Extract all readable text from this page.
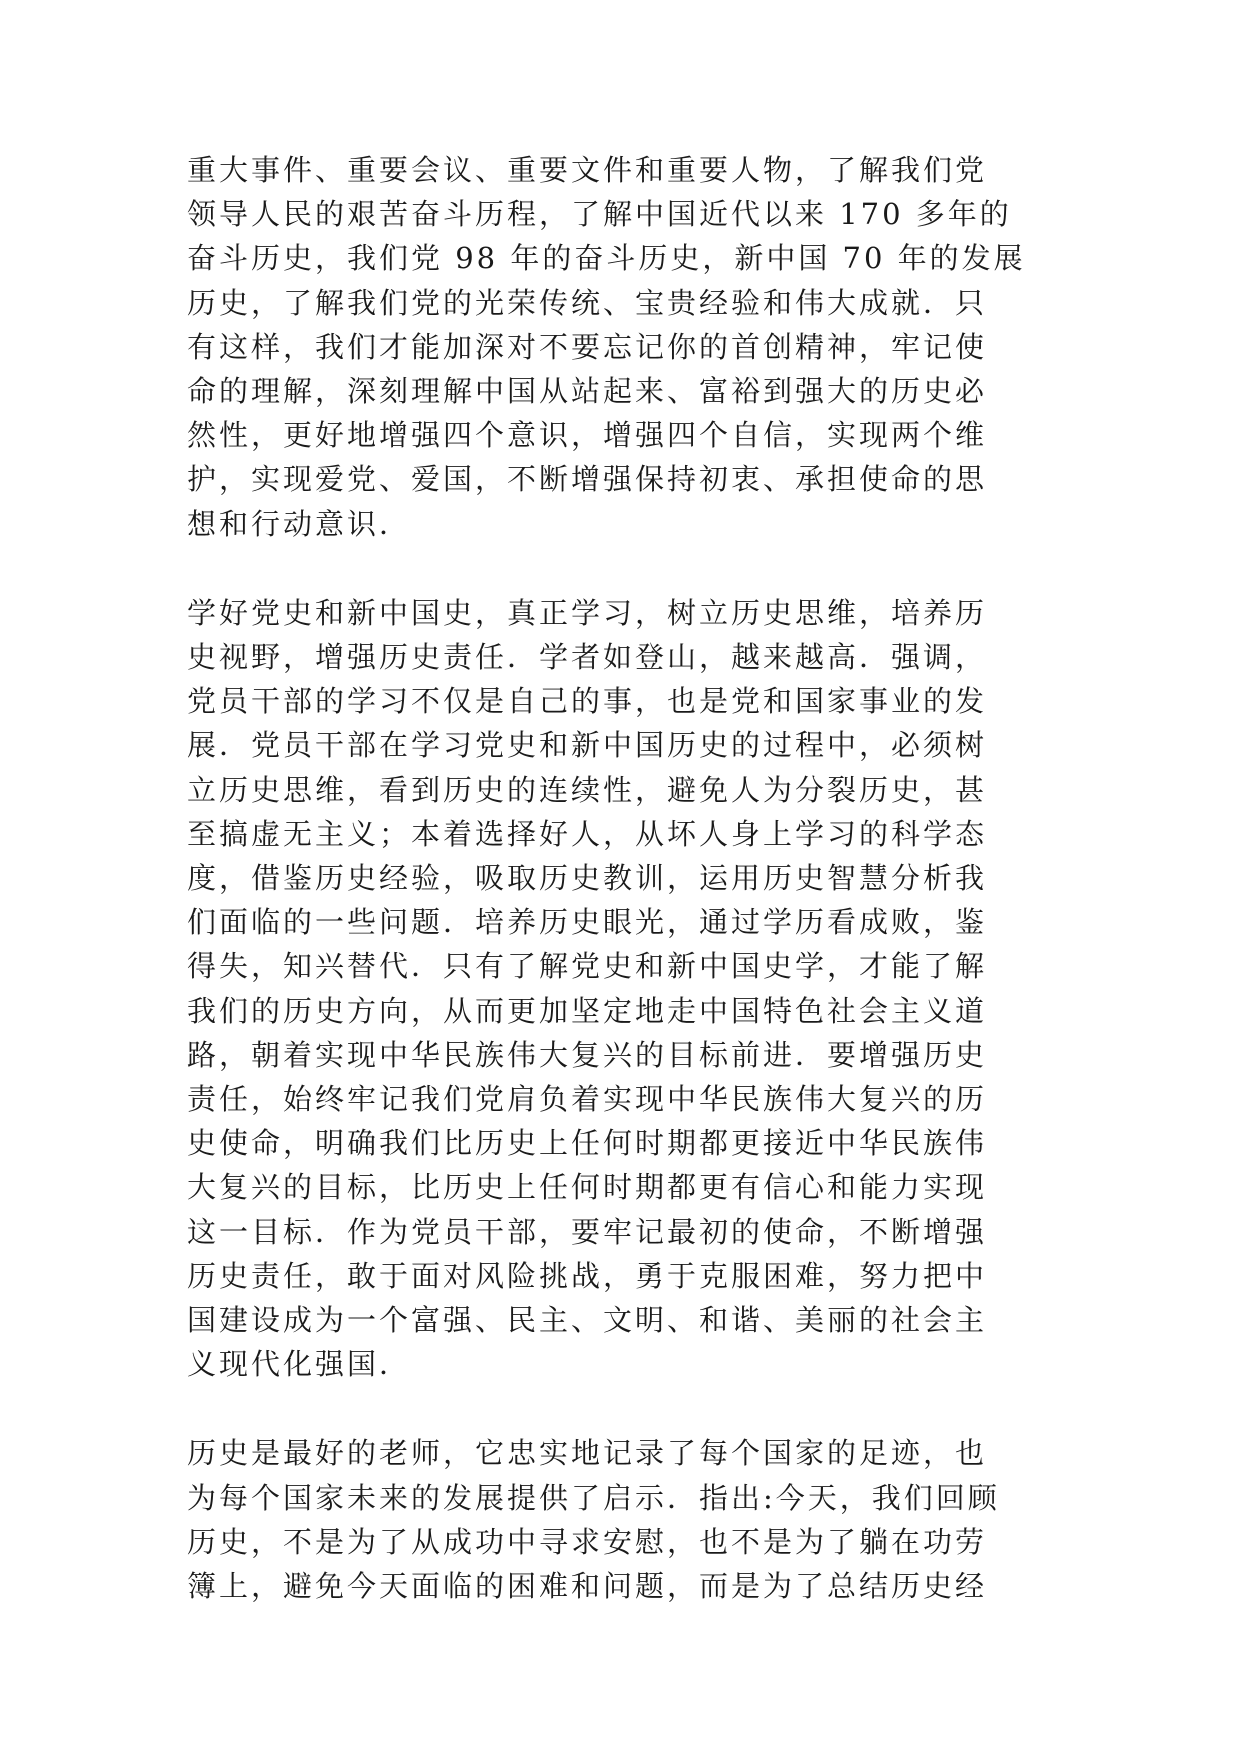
重大事件、重要会议、重要文件和重要人物，了解我们党
领导人民的艰苦奋斗历程，了解中国近代以来 170 多年的
奋斗历史，我们党 98 年的奋斗历史，新中国 70 年的发展
历史，了解我们党的光荣传统、宝贵经验和伟大成就．只
有这样，我们才能加深对不要忘记你的首创精神，牢记使
命的理解，深刻理解中国从站起来、富裕到强大的历史必
然性，更好地增强四个意识，增强四个自信，实现两个维
护，实现爱党、爱国，不断增强保持初衷、承担使命的思
想和行动意识．

学好党史和新中国史，真正学习，树立历史思维，培养历
史视野，增强历史责任．学者如登山，越来越高．强调，
党员干部的学习不仅是自己的事，也是党和国家事业的发
展．党员干部在学习党史和新中国历史的过程中，必须树
立历史思维，看到历史的连续性，避免人为分裂历史，甚
至搞虚无主义；本着选择好人，从坏人身上学习的科学态
度，借鉴历史经验，吸取历史教训，运用历史智慧分析我
们面临的一些问题．培养历史眼光，通过学历看成败，鉴
得失，知兴替代．只有了解党史和新中国史学，才能了解
我们的历史方向，从而更加坚定地走中国特色社会主义道
路，朝着实现中华民族伟大复兴的目标前进．要增强历史
责任，始终牢记我们党肩负着实现中华民族伟大复兴的历
史使命，明确我们比历史上任何时期都更接近中华民族伟
大复兴的目标，比历史上任何时期都更有信心和能力实现
这一目标．作为党员干部，要牢记最初的使命，不断增强
历史责任，敢于面对风险挑战，勇于克服困难，努力把中
国建设成为一个富强、民主、文明、和谐、美丽的社会主
义现代化强国．

历史是最好的老师，它忠实地记录了每个国家的足迹，也
为每个国家未来的发展提供了启示．指出:今天，我们回顾
历史，不是为了从成功中寻求安慰，也不是为了躺在功劳
簿上，避免今天面临的困难和问题，而是为了总结历史经
